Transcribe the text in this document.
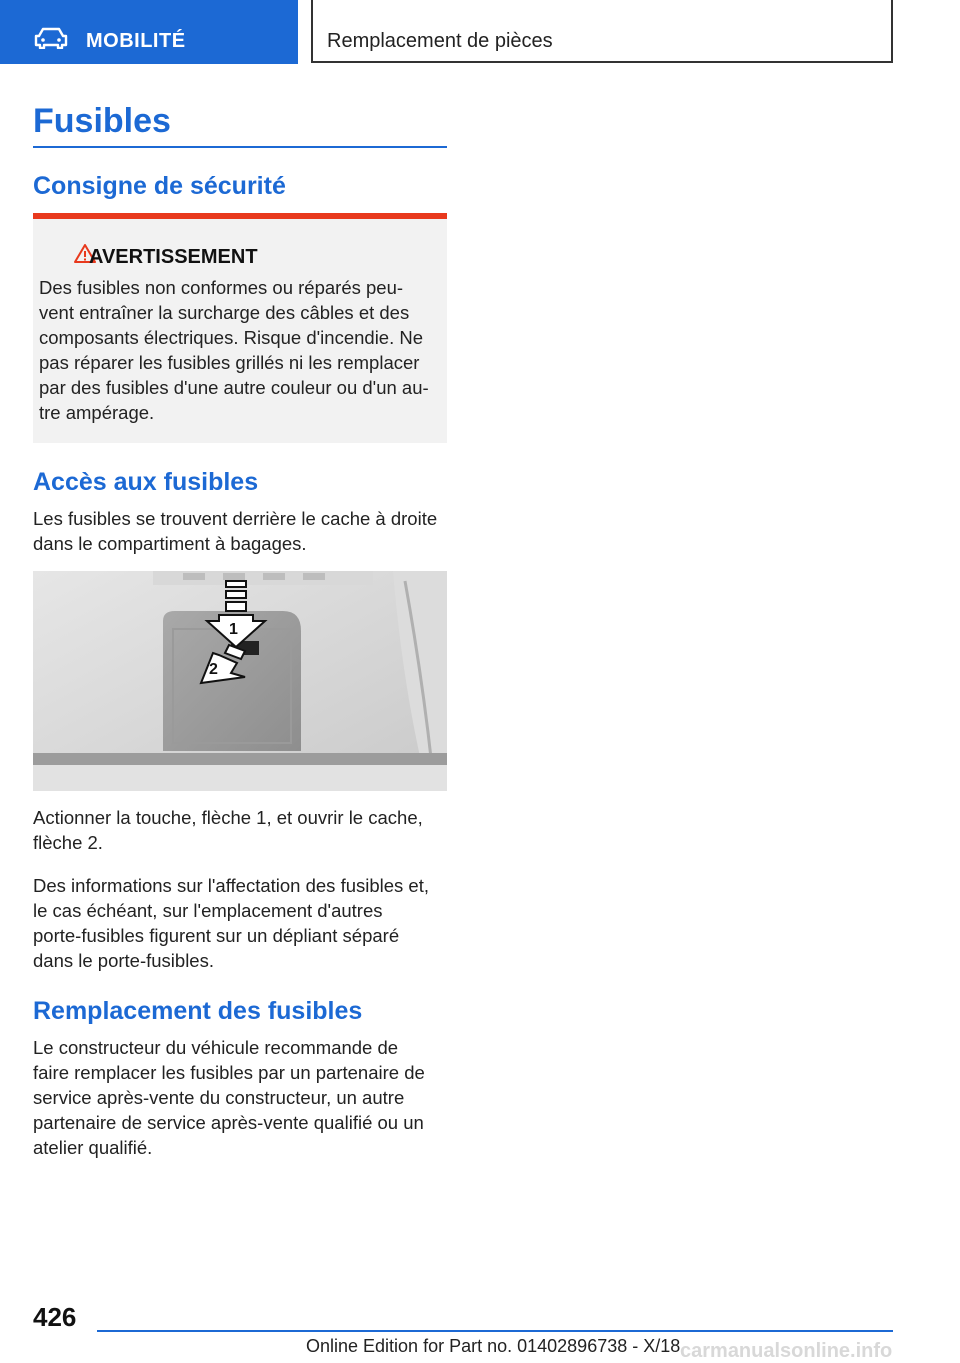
MOBILITÉ	Remplacement de pièces
Fusibles
Consigne de sécurité
AVERTISSEMENT
Des fusibles non conformes ou réparés peu-
vent entraîner la surcharge des câbles et des
composants électriques. Risque d'incendie. Ne
pas réparer les fusibles grillés ni les remplacer
par des fusibles d'une autre couleur ou d'un au-
tre ampérage.
Accès aux fusibles
Les fusibles se trouvent derrière le cache à droite
dans le compartiment à bagages.
1
2
Actionner la touche, flèche 1, et ouvrir le cache,
flèche 2.
Des informations sur l'affectation des fusibles et,
le cas échéant, sur l'emplacement d'autres
porte-fusibles figurent sur un dépliant séparé
dans le porte-fusibles.
Remplacement des fusibles
Le constructeur du véhicule recommande de
faire remplacer les fusibles par un partenaire de
service après-vente du constructeur, un autre
partenaire de service après-vente qualifié ou un
atelier qualifié.
426
Online Edition for Part no. 01402896738 - X/18 carmanualsonline.info
